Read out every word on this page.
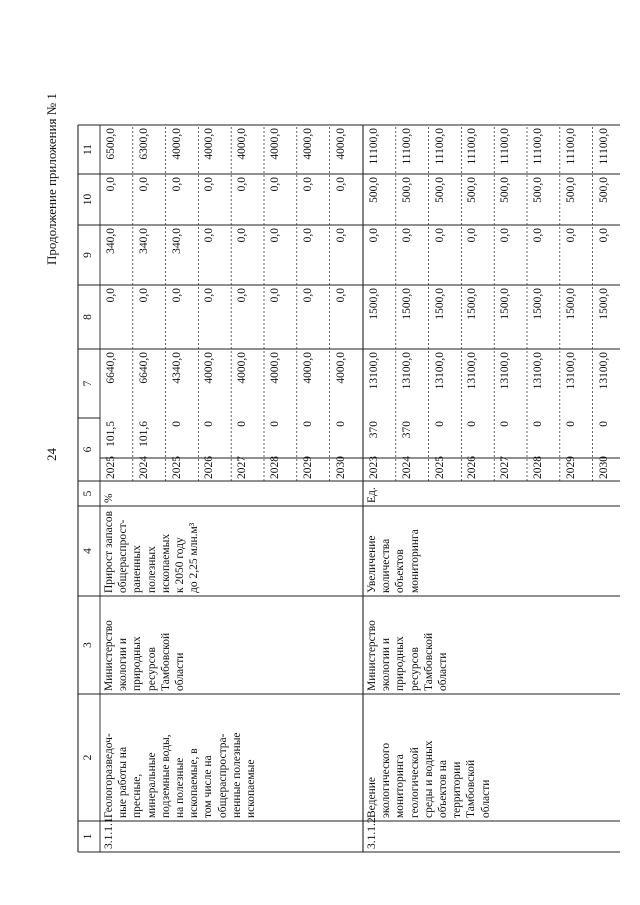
24
Продолжение приложения № 1
1
2
3
4
5
6
7
8
9
10
11
3.1.1.1.
Геологоразведоч-
ные работы на
пресные,
минеральные
подземные воды,
на полезные
ископаемые, в
том числе на
общераспростра-
ненные полезные
ископаемые
Министерство
экологии и
природных
ресурсов
Тамбовской
области
Прирост запасов
общераспрост-
раненных
полезных
ископаемых
к 2050 году
до 2,25 млн.м³
%
2025
101,5
6640,0
0,0
340,0
0,0
6500,0
2024
101,6
6640,0
0,0
340,0
0,0
6300,0
2025
0
4340,0
0,0
340,0
0,0
4000,0
2026
0
4000,0
0,0
0,0
0,0
4000,0
2027
0
4000,0
0,0
0,0
0,0
4000,0
2028
0
4000,0
0,0
0,0
0,0
4000,0
2029
0
4000,0
0,0
0,0
0,0
4000,0
2030
0
4000,0
0,0
0,0
0,0
4000,0
3.1.1.2.
Ведение
экологического
мониторинга
геологической
среды и водных
объектов на
территории
Тамбовской
области
Министерство
экологии и
природных
ресурсов
Тамбовской
области
Увеличение
количества
объектов
мониторинга
Ед.
2023
370
13100,0
1500,0
0,0
500,0
11100,0
2024
370
13100,0
1500,0
0,0
500,0
11100,0
2025
0
13100,0
1500,0
0,0
500,0
11100,0
2026
0
13100,0
1500,0
0,0
500,0
11100,0
2027
0
13100,0
1500,0
0,0
500,0
11100,0
2028
0
13100,0
1500,0
0,0
500,0
11100,0
2029
0
13100,0
1500,0
0,0
500,0
11100,0
2030
0
13100,0
1500,0
0,0
500,0
11100,0
